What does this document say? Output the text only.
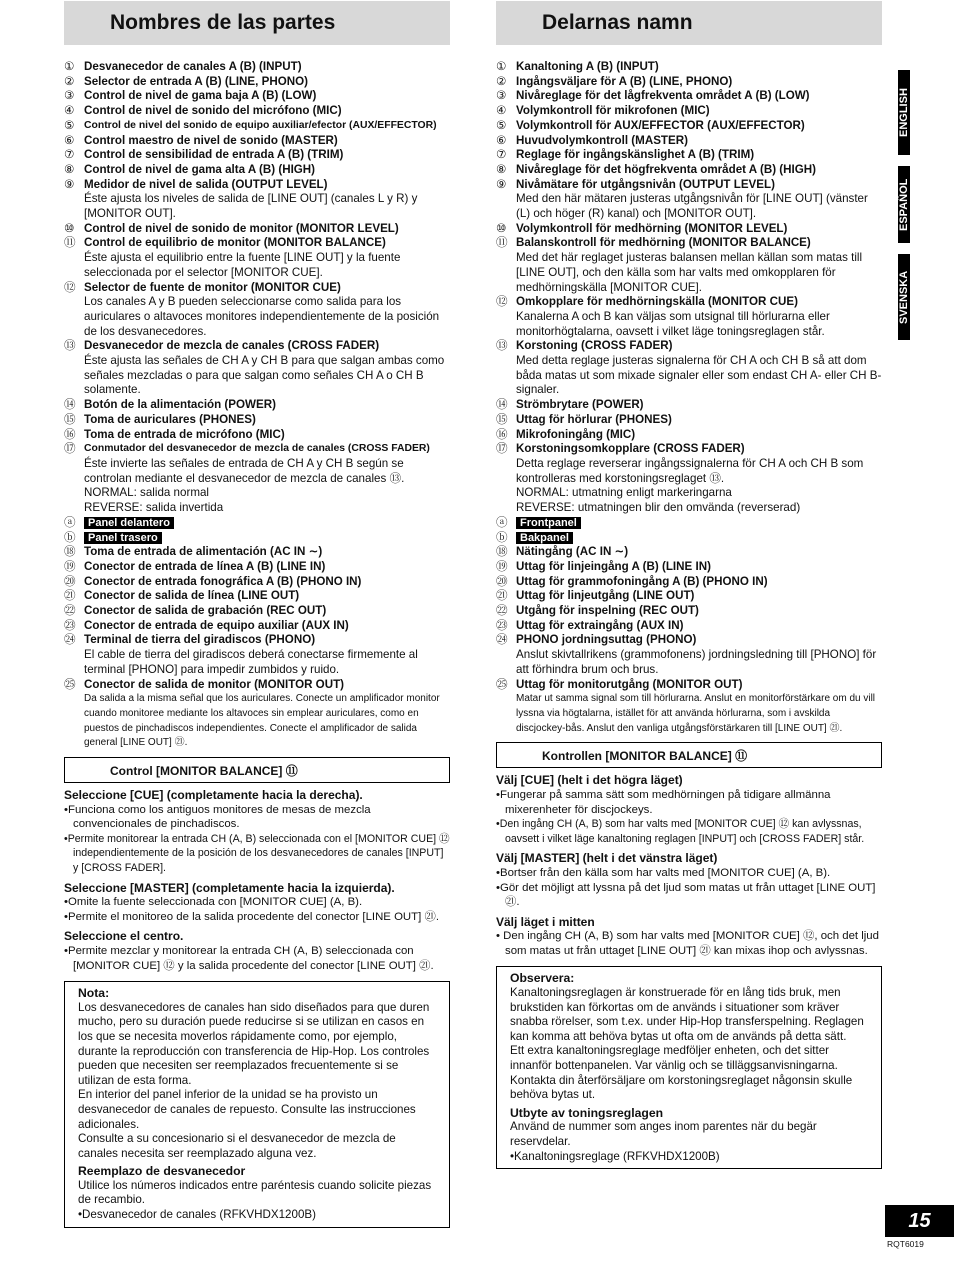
Nombres de las partes
① Desvanecedor de canales A (B) (INPUT)
② Selector de entrada A (B) (LINE, PHONO)
③ Control de nivel de gama baja A (B) (LOW)
④ Control de nivel de sonido del micrófono (MIC)
⑤ Control de nivel del sonido de equipo auxiliar/efector (AUX/EFFECTOR)
⑥ Control maestro de nivel de sonido (MASTER)
⑦ Control de sensibilidad de entrada A (B) (TRIM)
⑧ Control de nivel de gama alta A (B) (HIGH)
⑨ Medidor de nivel de salida (OUTPUT LEVEL)
Éste ajusta los niveles de salida de [LINE OUT] (canales L y R) y [MONITOR OUT].
⑩ Control de nivel de sonido de monitor (MONITOR LEVEL)
⑪ Control de equilibrio de monitor (MONITOR BALANCE)
Éste ajusta el equilibrio entre la fuente [LINE OUT] y la fuente seleccionada por el selector [MONITOR CUE].
⑫ Selector de fuente de monitor (MONITOR CUE)
Los canales A y B pueden seleccionarse como salida para los auriculares o altavoces monitores independientemente de la posición de los desvanecedores.
⑬ Desvanecedor de mezcla de canales (CROSS FADER)
Éste ajusta las señales de CH A y CH B para que salgan ambas como señales mezcladas o para que salgan como señales CH A o CH B solamente.
⑭ Botón de la alimentación (POWER)
⑮ Toma de auriculares (PHONES)
⑯ Toma de entrada de micrófono (MIC)
⑰ Conmutador del desvanecedor de mezcla de canales (CROSS FADER)
Éste invierte las señales de entrada de CH A y CH B según se controlan mediante el desvanecedor de mezcla de canales ⑬.
NORMAL: salida normal
REVERSE: salida invertida
ⓐ	Panel delantero
ⓑ	Panel trasero
⑱ Toma de entrada de alimentación (AC IN ∼)
⑲ Conector de entrada de línea A (B) (LINE IN)
⑳ Conector de entrada fonográfica A (B) (PHONO IN)
㉑ Conector de salida de línea (LINE OUT)
㉒ Conector de salida de grabación (REC OUT)
㉓ Conector de entrada de equipo auxiliar (AUX IN)
㉔ Terminal de tierra del giradiscos (PHONO)
El cable de tierra del giradiscos deberá conectarse firmemente al terminal [PHONO] para impedir zumbidos y ruido.
㉕ Conector de salida de monitor (MONITOR OUT)
Da salida a la misma señal que los auriculares. Conecte un amplificador monitor cuando monitoree mediante los altavoces sin emplear auriculares, como en puestos de pinchadiscos independientes. Conecte el amplificador de salida general [LINE OUT] ㉑.
Control [MONITOR BALANCE] ⑪
Seleccione [CUE] (completamente hacia la derecha).
•Funciona como los antiguos monitores de mesas de mezcla convencionales de pinchadiscos.
•Permite monitorear la entrada CH (A, B) seleccionada con el [MONITOR CUE] ⑫ independientemente de la posición de los desvanecedores de canales [INPUT] y [CROSS FADER].
Seleccione [MASTER] (completamente hacia la izquierda).
•Omite la fuente seleccionada con [MONITOR CUE] (A, B).
•Permite el monitoreo de la salida procedente del conector [LINE OUT] ㉑.
Seleccione el centro.
•Permite mezclar y monitorear la entrada CH (A, B) seleccionada con [MONITOR CUE] ⑫ y la salida procedente del conector [LINE OUT] ㉑.
Nota:
Los desvanecedores de canales han sido diseñados para que duren mucho, pero su duración puede reducirse si se utilizan en casos en los que se necesita moverlos rápidamente como, por ejemplo, durante la reproducción con transferencia de Hip-Hop. Los controles pueden que necesiten ser reemplazados frecuentemente si se utilizan de esta forma.
En interior del panel inferior de la unidad se ha provisto un desvanecedor de canales de repuesto. Consulte las instrucciones adicionales.
Consulte a su concesionario si el desvanecedor de mezcla de canales necesita ser reemplazado alguna vez.
Reemplazo de desvanecedor
Utilice los números indicados entre paréntesis cuando solicite piezas de recambio.
•Desvanecedor de canales (RFKVHDX1200B)
Delarnas namn
① Kanaltoning A (B) (INPUT)
② Ingångsväljare för A (B) (LINE, PHONO)
③ Nivåreglage för det lågfrekventa området A (B) (LOW)
④ Volymkontroll för mikrofonen (MIC)
⑤ Volymkontroll för AUX/EFFECTOR (AUX/EFFECTOR)
⑥ Huvudvolymkontroll (MASTER)
⑦ Reglage för ingångskänslighet A (B) (TRIM)
⑧ Nivåreglage för det högfrekventa området A (B) (HIGH)
⑨ Nivåmätare för utgångsnivån (OUTPUT LEVEL)
Med den här mätaren justeras utgångsnivån för [LINE OUT] (vänster (L) och höger (R) kanal) och [MONITOR OUT].
⑩ Volymkontroll för medhörning (MONITOR LEVEL)
⑪ Balanskontroll för medhörning (MONITOR BALANCE)
Med det här reglaget justeras balansen mellan källan som matas till [LINE OUT], och den källa som har valts med omkopplaren för medhörningskälla [MONITOR CUE].
⑫ Omkopplare för medhörningskälla (MONITOR CUE)
Kanalerna A och B kan väljas som utsignal till hörlurarna eller monitorhögtalarna, oavsett i vilket läge toningsreglagen står.
⑬ Korstoning (CROSS FADER)
Med detta reglage justeras signalerna för CH A och CH B så att dom båda matas ut som mixade signaler eller som endast CH A- eller CH B-signaler.
⑭ Strömbrytare (POWER)
⑮ Uttag för hörlurar (PHONES)
⑯ Mikrofoningång (MIC)
⑰ Korstoningsomkopplare (CROSS FADER)
Detta reglage reverserar ingångssignalerna för CH A och CH B som kontrolleras med korstoningsreglaget ⑬.
NORMAL: utmatning enligt markeringarna
REVERSE: utmatningen blir den omvända (reverserad)
ⓐ	Frontpanel
ⓑ	Bakpanel
⑱ Nätingång (AC IN ∼)
⑲ Uttag för linjeingång A (B) (LINE IN)
⑳ Uttag för grammofoningång A (B) (PHONO IN)
㉑ Uttag för linjeutgång (LINE OUT)
㉒ Utgång för inspelning (REC OUT)
㉓ Uttag för extraingång (AUX IN)
㉔ PHONO jordningsuttag (PHONO)
Anslut skivtallrikens (grammofonens) jordningsledning till [PHONO] för att förhindra brum och brus.
㉕ Uttag för monitorutgång (MONITOR OUT)
Matar ut samma signal som till hörlurarna. Anslut en monitorförstärkare om du vill lyssna via högtalarna, istället för att använda hörlurarna, som i avskilda discjockey-bås. Anslut den vanliga utgångsförstärkaren till [LINE OUT] ㉑.
Kontrollen [MONITOR BALANCE] ⑪
Välj [CUE] (helt i det högra läget)
•Fungerar på samma sätt som medhörningen på tidigare allmänna mixerenheter för discjockeys.
•Den ingång CH (A, B) som har valts med [MONITOR CUE] ⑫ kan avlyssnas, oavsett i vilket läge kanaltoning reglagen [INPUT] och [CROSS FADER] står.
Välj [MASTER] (helt i det vänstra läget)
•Bortser från den källa som har valts med [MONITOR CUE] (A, B).
•Gör det möjligt att lyssna på det ljud som matas ut från uttaget [LINE OUT] ㉑.
Välj läget i mitten
• Den ingång CH (A, B) som har valts med [MONITOR CUE] ⑫, och det ljud som matas ut från uttaget [LINE OUT] ㉑ kan mixas ihop och avlyssnas.
Observera:
Kanaltoningsreglagen är konstruerade för en lång tids bruk, men brukstiden kan förkortas om de används i situationer som kräver snabba rörelser, som t.ex. under Hip-Hop transferspelning. Reglagen kan komma att behöva bytas ut ofta om de används på detta sätt.
Ett extra kanaltoningsreglage medföljer enheten, och det sitter innanför bottenpanelen. Var vänlig och se tilläggsanvisningarna.
Kontakta din återförsäljare om korstoningsreglaget någonsin skulle behöva bytas ut.
Utbyte av toningsreglagen
Använd de nummer som anges inom parentes när du begär reservdelar.
•Kanaltoningsreglage (RFKVHDX1200B)
ENGLISH
ESPAÑOL
SVENSKA
15
RQT6019
